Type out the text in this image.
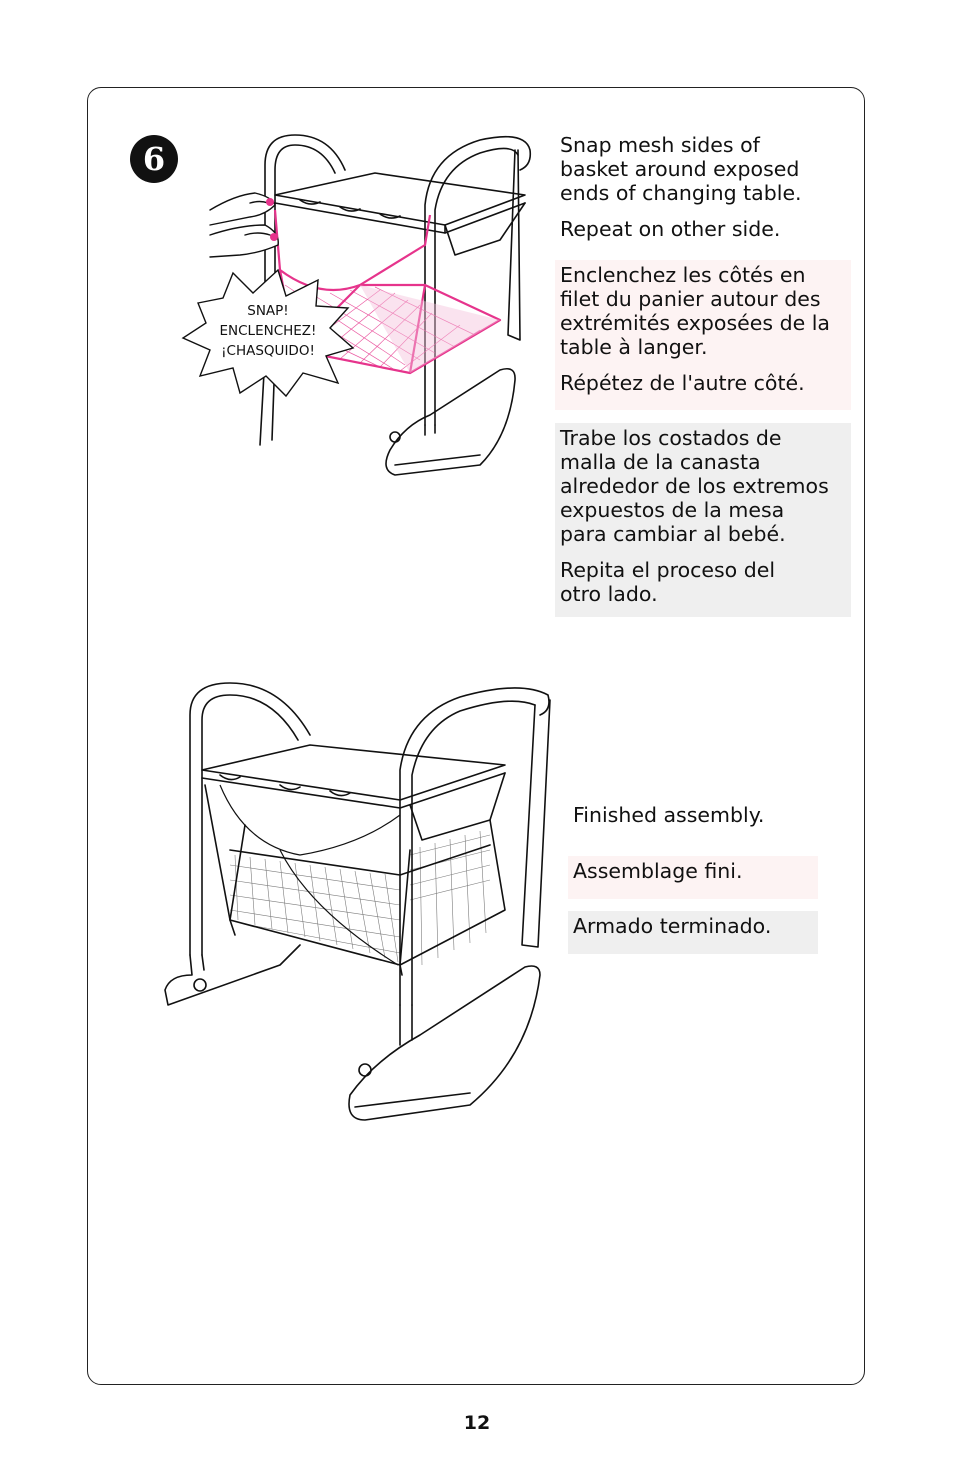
6
SNAP!
ENCLENCHEZ!
¡CHASQUIDO!

Snap mesh sides of
basket around exposed
ends of changing table.

Repeat on other side.

Enclenchez les côtés en
filet du panier autour des
extrémités exposées de la
table à langer.

Répétez de l'autre côté.

Trabe los costados de
malla de la canasta
alrededor de los extremos
expuestos de la mesa
para cambiar al bebé.

Repita el proceso del
otro lado.

Finished assembly.

Assemblage fini.

Armado terminado.

12
